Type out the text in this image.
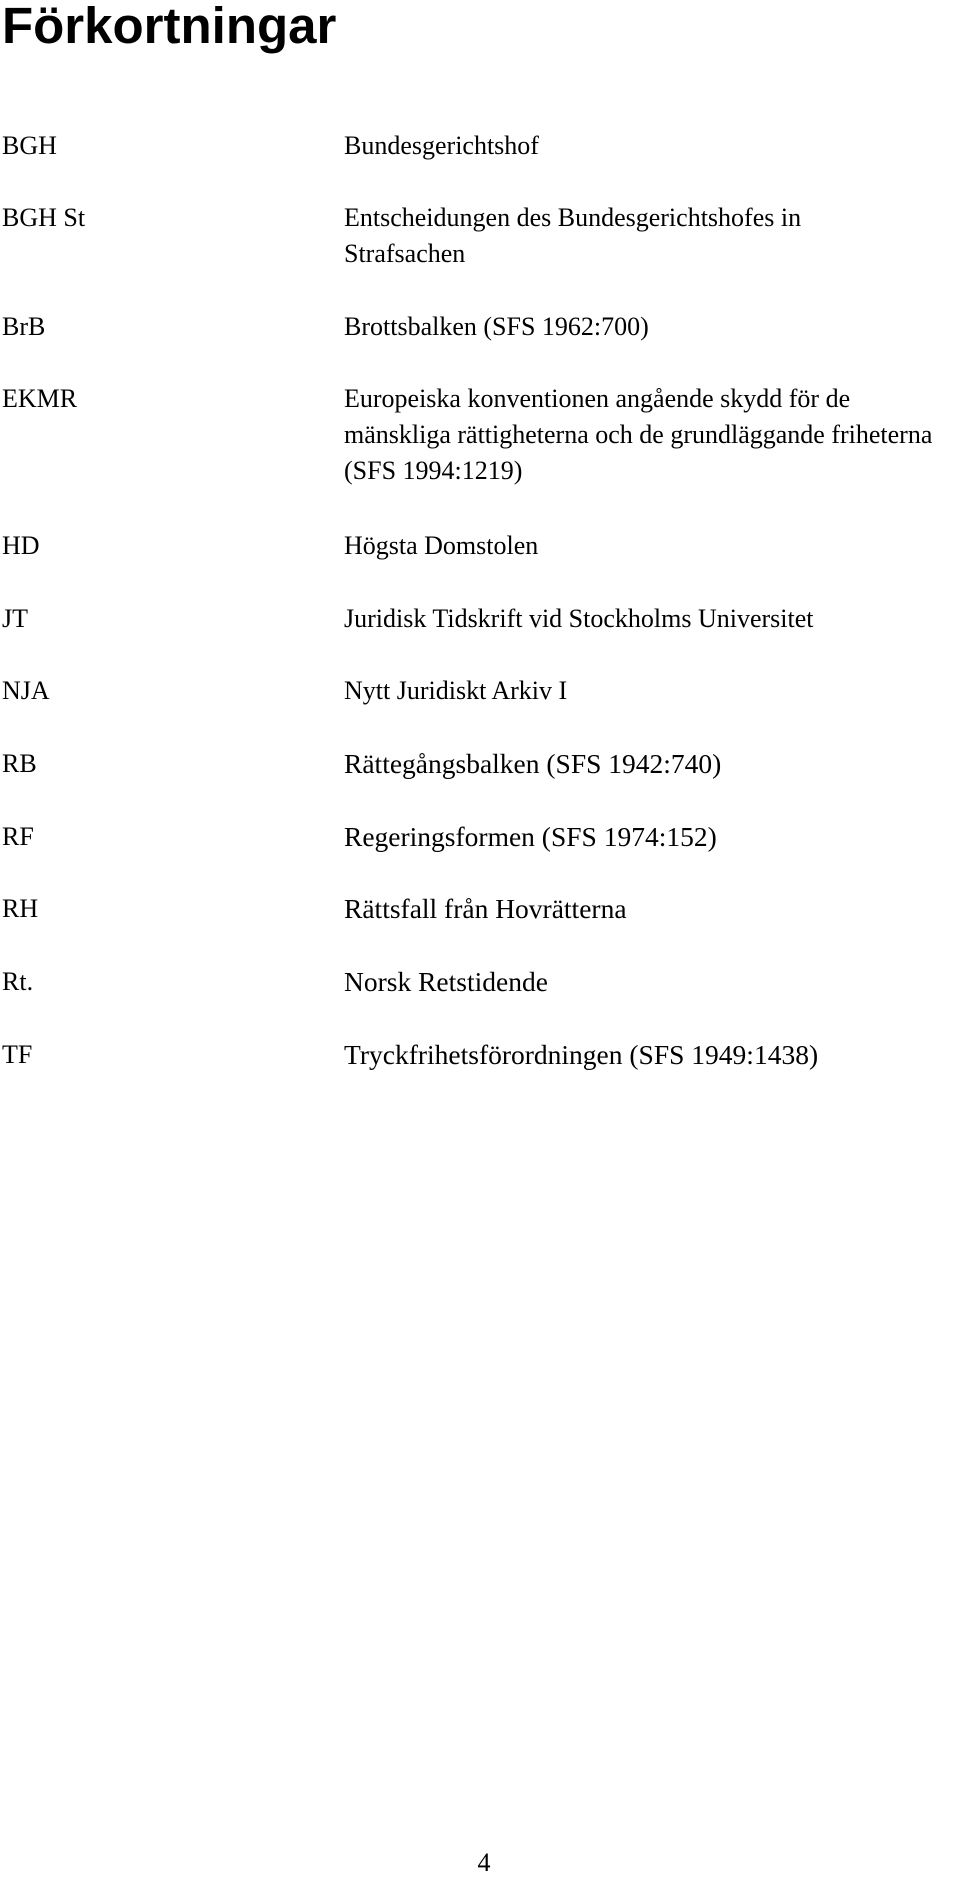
Förkortningar
BGH	Bundesgerichtshof
BGH St	Entscheidungen des Bundesgerichtshofes in Strafsachen
BrB	Brottsbalken (SFS 1962:700)
EKMR	Europeiska konventionen angående skydd för de mänskliga rättigheterna och de grundläggande friheterna (SFS 1994:1219)
HD	Högsta Domstolen
JT	Juridisk Tidskrift vid Stockholms Universitet
NJA	Nytt Juridiskt Arkiv I
RB	Rättegångsbalken (SFS 1942:740)
RF	Regeringsformen (SFS 1974:152)
RH	Rättsfall från Hovrätterna
Rt.	Norsk Retstidende
TF	Tryckfrihetsförordningen (SFS 1949:1438)
4
